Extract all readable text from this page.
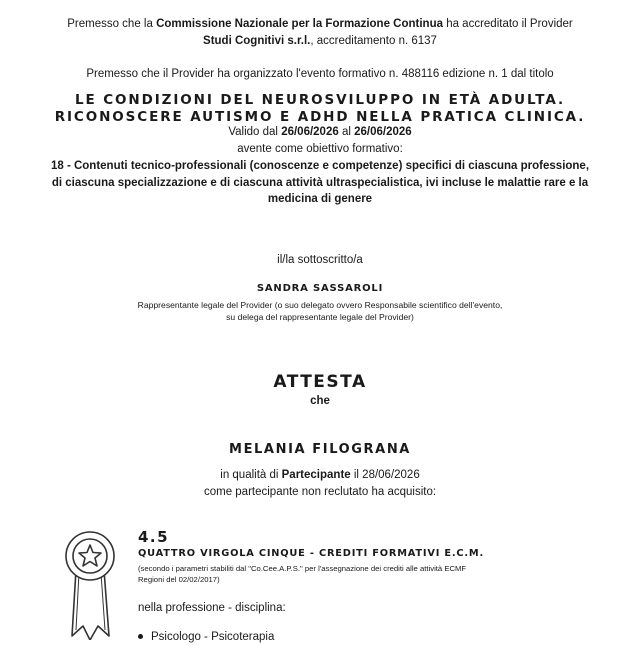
Premesso che la Commissione Nazionale per la Formazione Continua ha accreditato il Provider
Studi Cognitivi s.r.l., accreditamento n. 6137
Premesso che il Provider ha organizzato l'evento formativo n. 488116 edizione n. 1 dal titolo
LE CONDIZIONI DEL NEUROSVILUPPO IN ETÀ ADULTA.
RICONOSCERE AUTISMO E ADHD NELLA PRATICA CLINICA.
Valido dal 26/06/2026 al 26/06/2026
avente come obiettivo formativo:
18 - Contenuti tecnico-professionali (conoscenze e competenze) specifici di ciascuna professione,
di ciascuna specializzazione e di ciascuna attività ultraspecialistica, ivi incluse le malattie rare e la
medicina di genere
il/la sottoscritto/a
SANDRA SASSAROLI
Rappresentante legale del Provider (o suo delegato ovvero Responsabile scientifico dell'evento,
su delega del rappresentante legale del Provider)
ATTESTA
che
MELANIA FILOGRANA
in qualità di Partecipante il 28/06/2026
come partecipante non reclutato ha acquisito:
4.5
QUATTRO VIRGOLA CINQUE - CREDITI FORMATIVI E.C.M.
(secondo i parametri stabiliti dal "Co.Cee.A.P.S." per l'assegnazione dei crediti alle attività ECMF
Regioni del 02/02/2017)
nella professione - disciplina:
Psicologo - Psicoterapia
